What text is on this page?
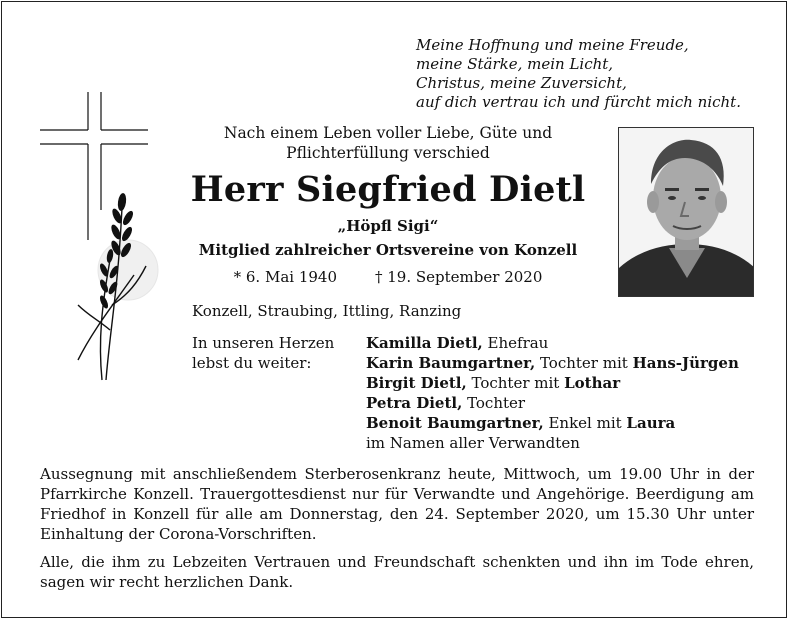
Meine Hoffnung und meine Freude,
meine Stärke, mein Licht,
Christus, meine Zuversicht,
auf dich vertrau ich und fürcht mich nicht.
Nach einem Leben voller Liebe, Güte und
Pflichterfüllung verschied
Herr Siegfried Dietl
„Höpfl Sigi“
Mitglied zahlreicher Ortsvereine von Konzell
* 6. Mai 1940	† 19. September 2020
Konzell, Straubing, Ittling, Ranzing
In unseren Herzen
lebst du weiter:
Kamilla Dietl, Ehefrau
Karin Baumgartner, Tochter mit Hans-Jürgen
Birgit Dietl, Tochter mit Lothar
Petra Dietl, Tochter
Benoit Baumgartner, Enkel mit Laura
im Namen aller Verwandten
Aussegnung mit anschließendem Sterberosenkranz heute, Mittwoch, um 19.00 Uhr in der Pfarrkirche Konzell. Trauergottesdienst nur für Verwandte und Angehörige. Beerdigung am Friedhof in Konzell für alle am Donnerstag, den 24. September 2020, um 15.30 Uhr unter Einhaltung der Corona-Vorschriften.
Alle, die ihm zu Lebzeiten Vertrauen und Freundschaft schenkten und ihn im Tode ehren, sagen wir recht herzlichen Dank.
